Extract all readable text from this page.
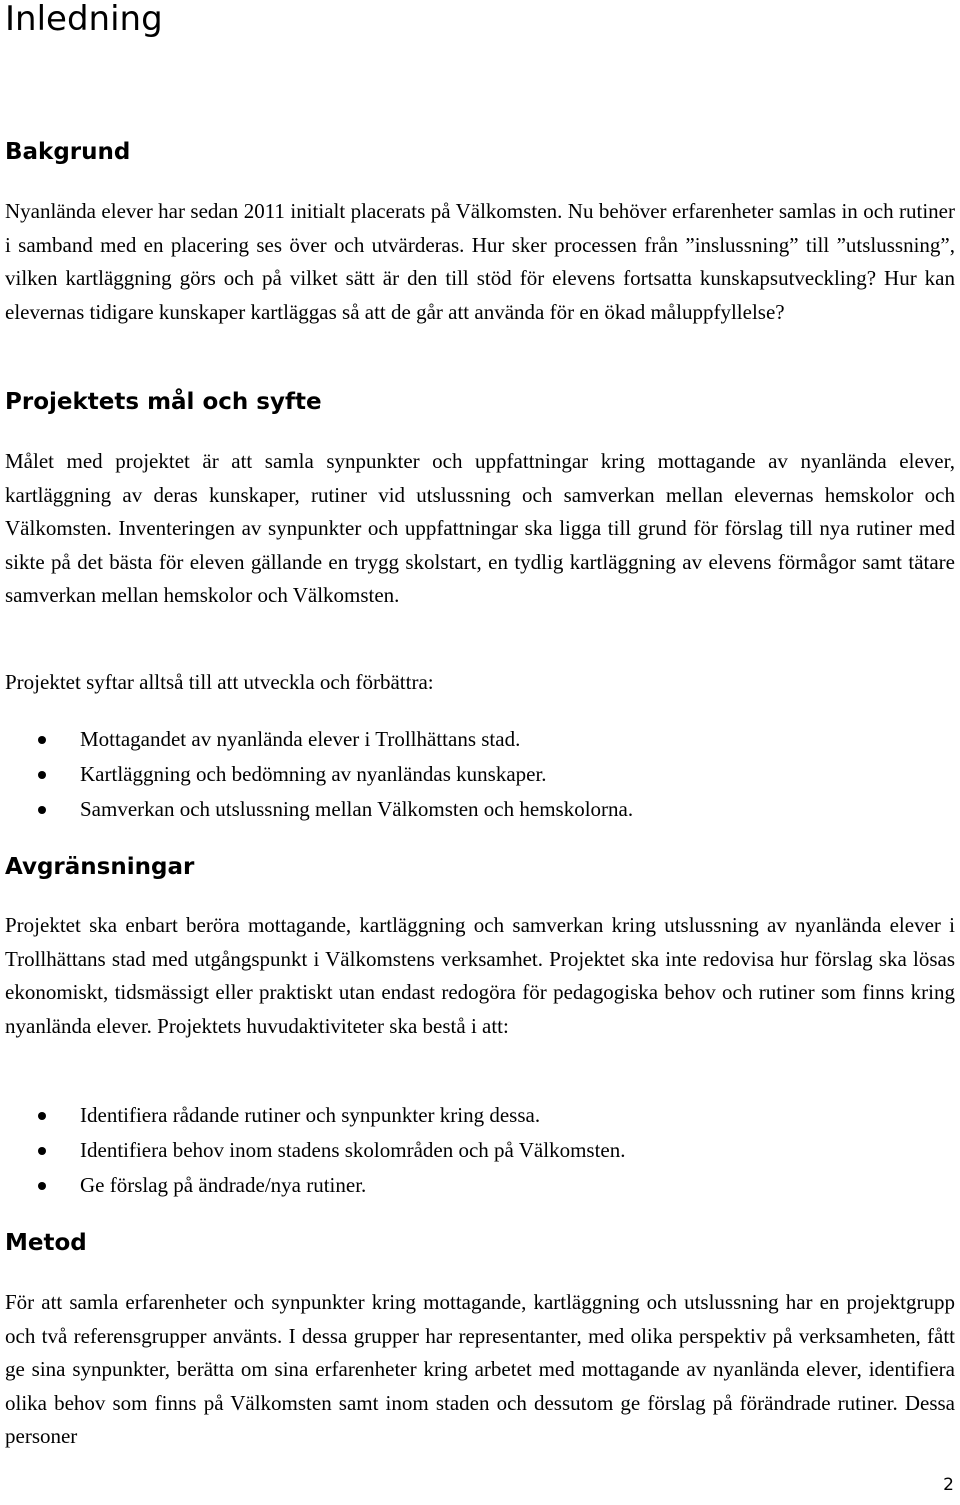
Inledning
Bakgrund

Nyanlända elever har sedan 2011 initialt placerats på Välkomsten. Nu behöver erfarenheter samlas in och rutiner i samband med en placering ses över och utvärderas. Hur sker processen från ”inslussning” till ”utslussning”, vilken kartläggning görs och på vilket sätt är den till stöd för elevens fortsatta kunskapsutveckling? Hur kan elevernas tidigare kunskaper kartläggas så att de går att använda för en ökad måluppfyllelse?

Projektets mål och syfte

Målet med projektet är att samla synpunkter och uppfattningar kring mottagande av nyanlända elever, kartläggning av deras kunskaper, rutiner vid utslussning och samverkan mellan elevernas hemskolor och Välkomsten. Inventeringen av synpunkter och uppfattningar ska ligga till grund för förslag till nya rutiner med sikte på det bästa för eleven gällande en trygg skolstart, en tydlig kartläggning av elevens förmågor samt tätare samverkan mellan hemskolor och Välkomsten.

Projektet syftar alltså till att utveckla och förbättra:

Mottagandet av nyanlända elever i Trollhättans stad.
Kartläggning och bedömning av nyanländas kunskaper.
Samverkan och utslussning mellan Välkomsten och hemskolorna.
Avgränsningar

Projektet ska enbart beröra mottagande, kartläggning och samverkan kring utslussning av nyanlända elever i Trollhättans stad med utgångspunkt i Välkomstens verksamhet. Projektet ska inte redovisa hur förslag ska lösas ekonomiskt, tidsmässigt eller praktiskt utan endast redogöra för pedagogiska behov och rutiner som finns kring nyanlända elever. Projektets huvudaktiviteter ska bestå i att:

Identifiera rådande rutiner och synpunkter kring dessa.
Identifiera behov inom stadens skolområden och på Välkomsten.
Ge förslag på ändrade/nya rutiner.
Metod

För att samla erfarenheter och synpunkter kring mottagande, kartläggning och utslussning har en projektgrupp och två referensgrupper använts. I dessa grupper har representanter, med olika perspektiv på verksamheten, fått ge sina synpunkter, berätta om sina erfarenheter kring arbetet med mottagande av nyanlända elever, identifiera olika behov som finns på Välkomsten samt inom staden och dessutom ge förslag på förändrade rutiner. Dessa personer

2
